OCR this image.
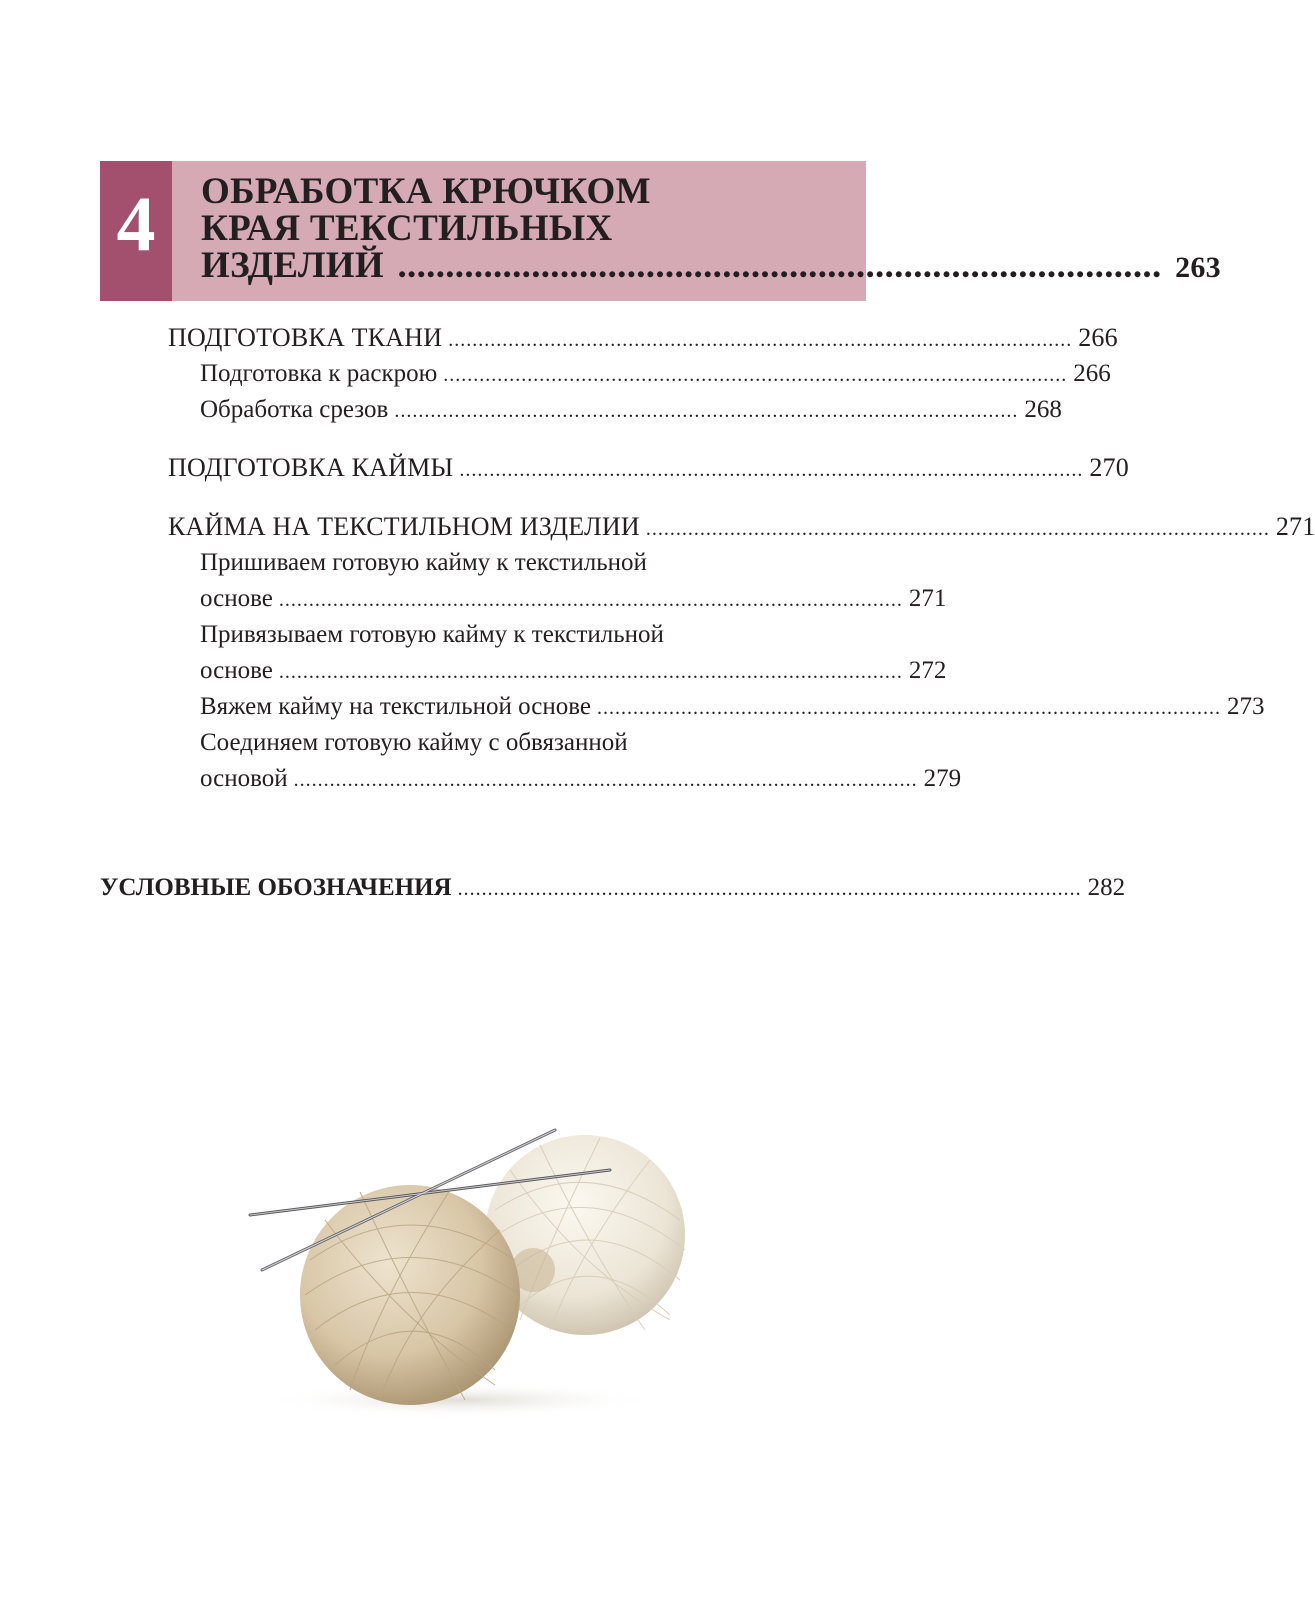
4 ОБРАБОТКА КРЮЧКОМ
КРАЯ ТЕКСТИЛЬНЫХ
ИЗДЕЛИЙ ................................................................................ 263
ПОДГОТОВКА ТКАНИ ........................................................................................................ 266
Подготовка к раскрою ........................................................................................................ 266
Обработка срезов ........................................................................................................ 268
ПОДГОТОВКА КАЙМЫ ........................................................................................................ 270
КАЙМА НА ТЕКСТИЛЬНОМ ИЗДЕЛИИ ........................................................................................................ 271
Пришиваем готовую кайму к текстильной
основе ........................................................................................................ 271
Привязываем готовую кайму к текстильной
основе ........................................................................................................ 272
Вяжем кайму на текстильной основе ........................................................................................................ 273
Соединяем готовую кайму с обвязанной
основой ........................................................................................................ 279
УСЛОВНЫЕ ОБОЗНАЧЕНИЯ ........................................................................................................ 282
